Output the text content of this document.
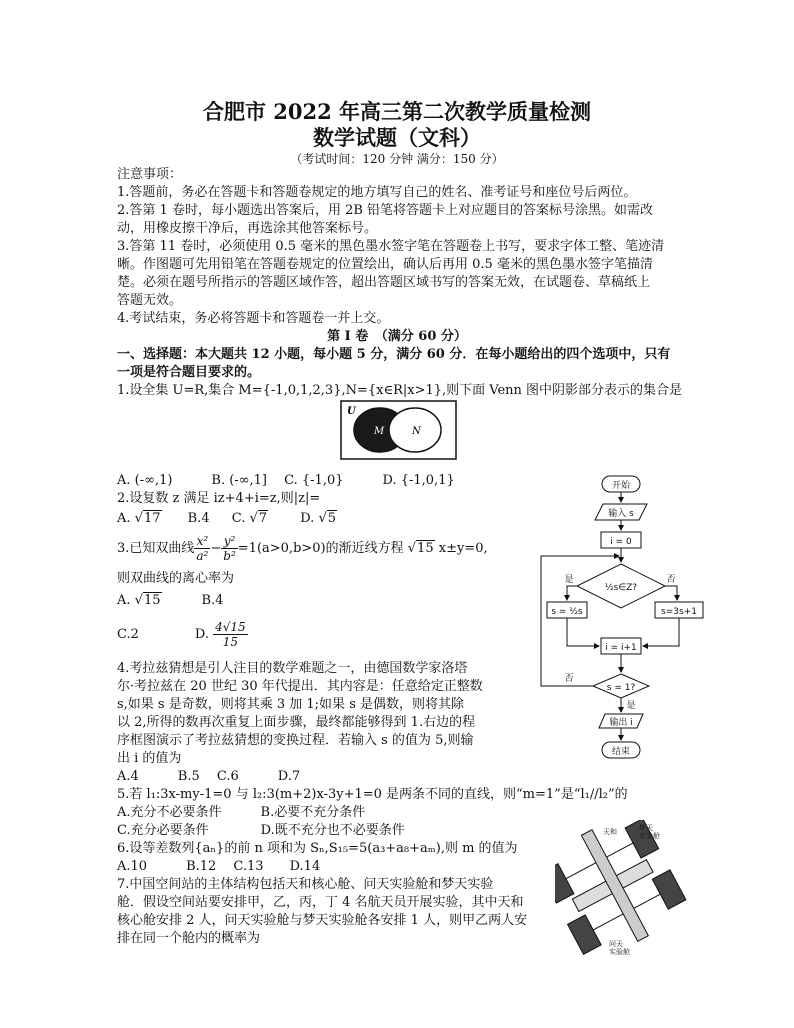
合肥市 2022 年高三第二次教学质量检测
数学试题（文科）
（考试时间：120 分钟 满分：150 分）
注意事项：
1.答题前，务必在答题卡和答题卷规定的地方填写自己的姓名、准考证号和座位号后两位。
2.答第 1 卷时，每小题选出答案后，用 2B 铅笔将答题卡上对应题目的答案标号涂黑。如需改
动，用橡皮擦干净后，再选涂其他答案标号。
3.答第 11 卷时，必须使用 0.5 毫米的黑色墨水签字笔在答题卷上书写，要求字体工整、笔迹清
晰。作图题可先用铅笔在答题卷规定的位置绘出，确认后再用 0.5 毫米的黑色墨水签字笔描清
楚。必须在题号所指示的答题区域作答，超出答题区域书写的答案无效，在试题卷、草稿纸上
答题无效。
4.考试结束，务必将答题卡和答题卷一并上交。
第 I 卷　（满分 60 分）
一、选择题：本大题共 12 小题，每小题 5 分，满分 60 分．在每小题给出的四个选项中，只有
一项是符合题目要求的。
1.设全集 U=R,集合 M={-1,0,1,2,3},N={x∈R|x>1},则下面 Venn 图中阴影部分表示的集合是
U
M	N
A. (-∞,1)　　　B. (-∞,1]　 C. {-1,0}　　　D. {-1,0,1}
2.设复数 z 满足 iz+4+i=z,则|z|=
A. √17 B.4 C. √7	D. √5
3.已知双曲线 $\frac{\text{x²}}{\text{a²}} - \frac{\text{y²}}{\text{b²}} =1(a>0,b>0)$的渐近线方程 √15 x±y=0,
则双曲线的离心率为
A. √15	B.4
C.2	D. $\frac{4√15}{15}$
4.考拉兹猜想是引人注目的数学难题之一，由德国数学家洛塔
尔·考拉兹在 20 世纪 30 年代提出．其内容是：任意给定正整数
s,如果 s 是奇数，则将其乘 3 加 1;如果 s 是偶数，则将其除
以 2,所得的数再次重复上面步骤，最终都能够得到 1.右边的程
序框图演示了考拉兹猜想的变换过程．若输入 s 的值为 5,则输
出 i 的值为
A.4　　　B.5　 C.6　　　D.7
开始
输入 s
i = 0
½s∈Z?
是	否
s = ½s	s=3s+1
i = i+1
s = 1?
否
是
输出 i
结束
5.若 l₁:3x-my-1=0 与 l₂:3(m+2)x-3y+1=0 是两条不同的直线，则“m=1”是“l₁//l₂”的
A.充分不必要条件　　　B.必要不充分条件
C.充分必要条件　　　　D.既不充分也不必要条件
6.设等差数列{aₙ}的前 n 项和为 Sₙ,S₁₅=5(a₃+a₈+aₘ),则 m 的值为
A.10　　　B.12　 C.13　　D.14
7.中国空间站的主体结构包括天和核心舱、问天实验舱和梦天实验
舱．假设空间站要安排甲，乙，丙，丁 4 名航天员开展实验，其中天和
核心舱安排 2 人，问天实验舱与梦天实验舱各安排 1 人，则甲乙两人安
排在同一个舱内的概率为
天和	梦天
实验舱
问天
实验舱
